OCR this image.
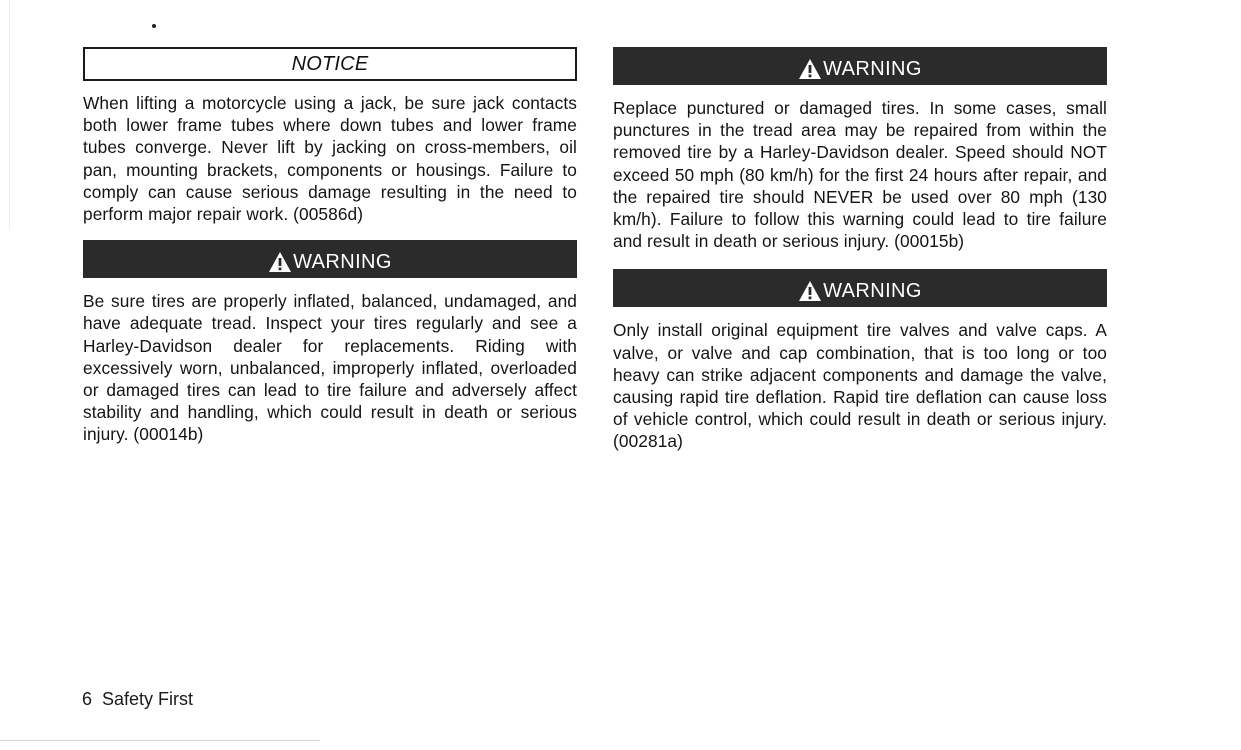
NOTICE

When lifting a motorcycle using a jack, be sure jack contacts both lower frame tubes where down tubes and lower frame tubes converge. Never lift by jacking on cross-members, oil pan, mounting brackets, components or housings. Failure to comply can cause serious damage resulting in the need to perform major repair work. (00586d)

WARNING

Be sure tires are properly inflated, balanced, undamaged, and have adequate tread. Inspect your tires regularly and see a Harley-Davidson dealer for replacements. Riding with excessively worn, unbalanced, improperly inflated, overloaded or damaged tires can lead to tire failure and adversely affect stability and handling, which could result in death or serious injury. (00014b)

WARNING

Replace punctured or damaged tires. In some cases, small punctures in the tread area may be repaired from within the removed tire by a Harley-Davidson dealer. Speed should NOT exceed 50 mph (80 km/h) for the first 24 hours after repair, and the repaired tire should NEVER be used over 80 mph (130 km/h). Failure to follow this warning could lead to tire failure and result in death or serious injury. (00015b)

WARNING

Only install original equipment tire valves and valve caps. A valve, or valve and cap combination, that is too long or too heavy can strike adjacent components and damage the valve, causing rapid tire deflation. Rapid tire deflation can cause loss of vehicle control, which could result in death or serious injury. (00281a)

6 Safety First
